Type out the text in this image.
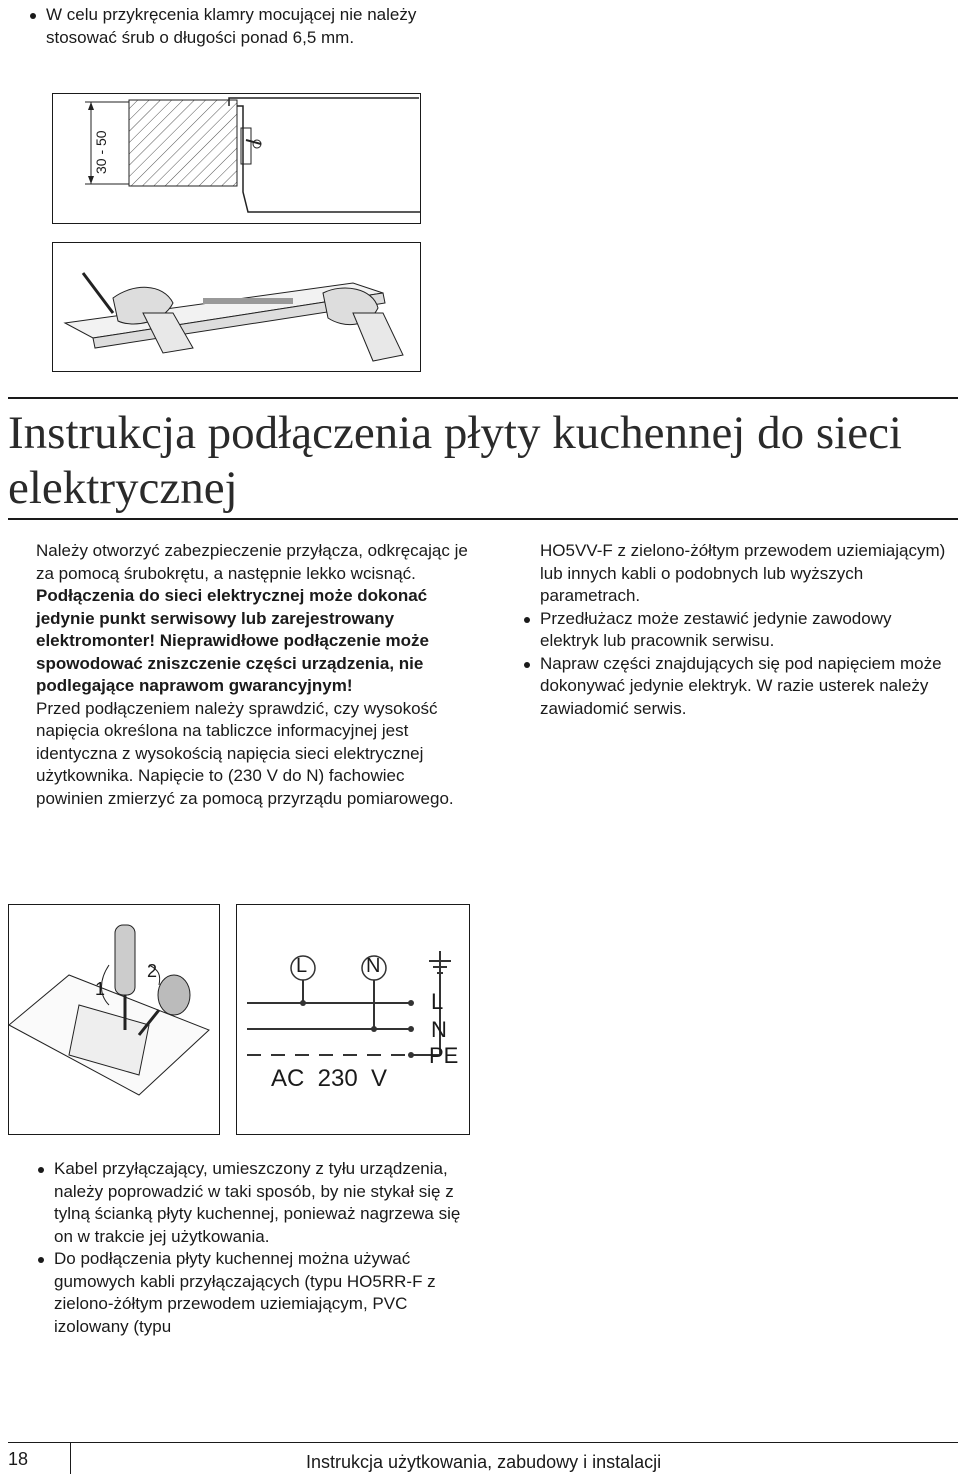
W celu przykręcenia klamry mocującej nie należy stosować śrub o długości ponad 6,5 mm.
30 - 50
Instrukcja podłączenia płyty kuchennej do sieci elektrycznej
Należy otworzyć zabezpieczenie przyłącza, odkręcając je za pomocą śrubokrętu, a następnie lekko wcisnąć.
Podłączenia do sieci elektrycznej może dokonać jedynie punkt serwisowy lub zarejestrowany elektromonter! Nieprawidłowe podłączenie może spowodować zniszczenie części urządzenia, nie podlegające naprawom gwarancyjnym!
Przed podłączeniem należy sprawdzić, czy wysokość napięcia określona na tabliczce informacyjnej jest identyczna z wysokością napięcia sieci elektrycznej użytkownika. Napięcie to (230 V do N) fachowiec powinien zmierzyć za pomocą przyrządu pomiarowego.
HO5VV-F z zielono-żółtym przewodem uziemiającym) lub innych kabli o podobnych lub wyższych parametrach.
Przedłużacz może zestawić jedynie zawodowy elektryk lub pracownik serwisu.
Napraw części znajdujących się pod napięciem może dokonywać jedynie elektryk. W razie usterek należy zawiadomić serwis.
1
2	L	N
L
N
PE
AC  230  V
Kabel przyłączający, umieszczony z tyłu urządzenia, należy poprowadzić w taki sposób, by nie stykał się z tylną ścianką płyty kuchennej, ponieważ nagrzewa się on w trakcie jej użytkowania.
Do podłączenia płyty kuchennej można używać gumowych kabli przyłączających (typu HO5RR-F z zielono-żółtym przewodem uziemiającym, PVC izolowany (typu
18	Instrukcja użytkowania, zabudowy i instalacji
